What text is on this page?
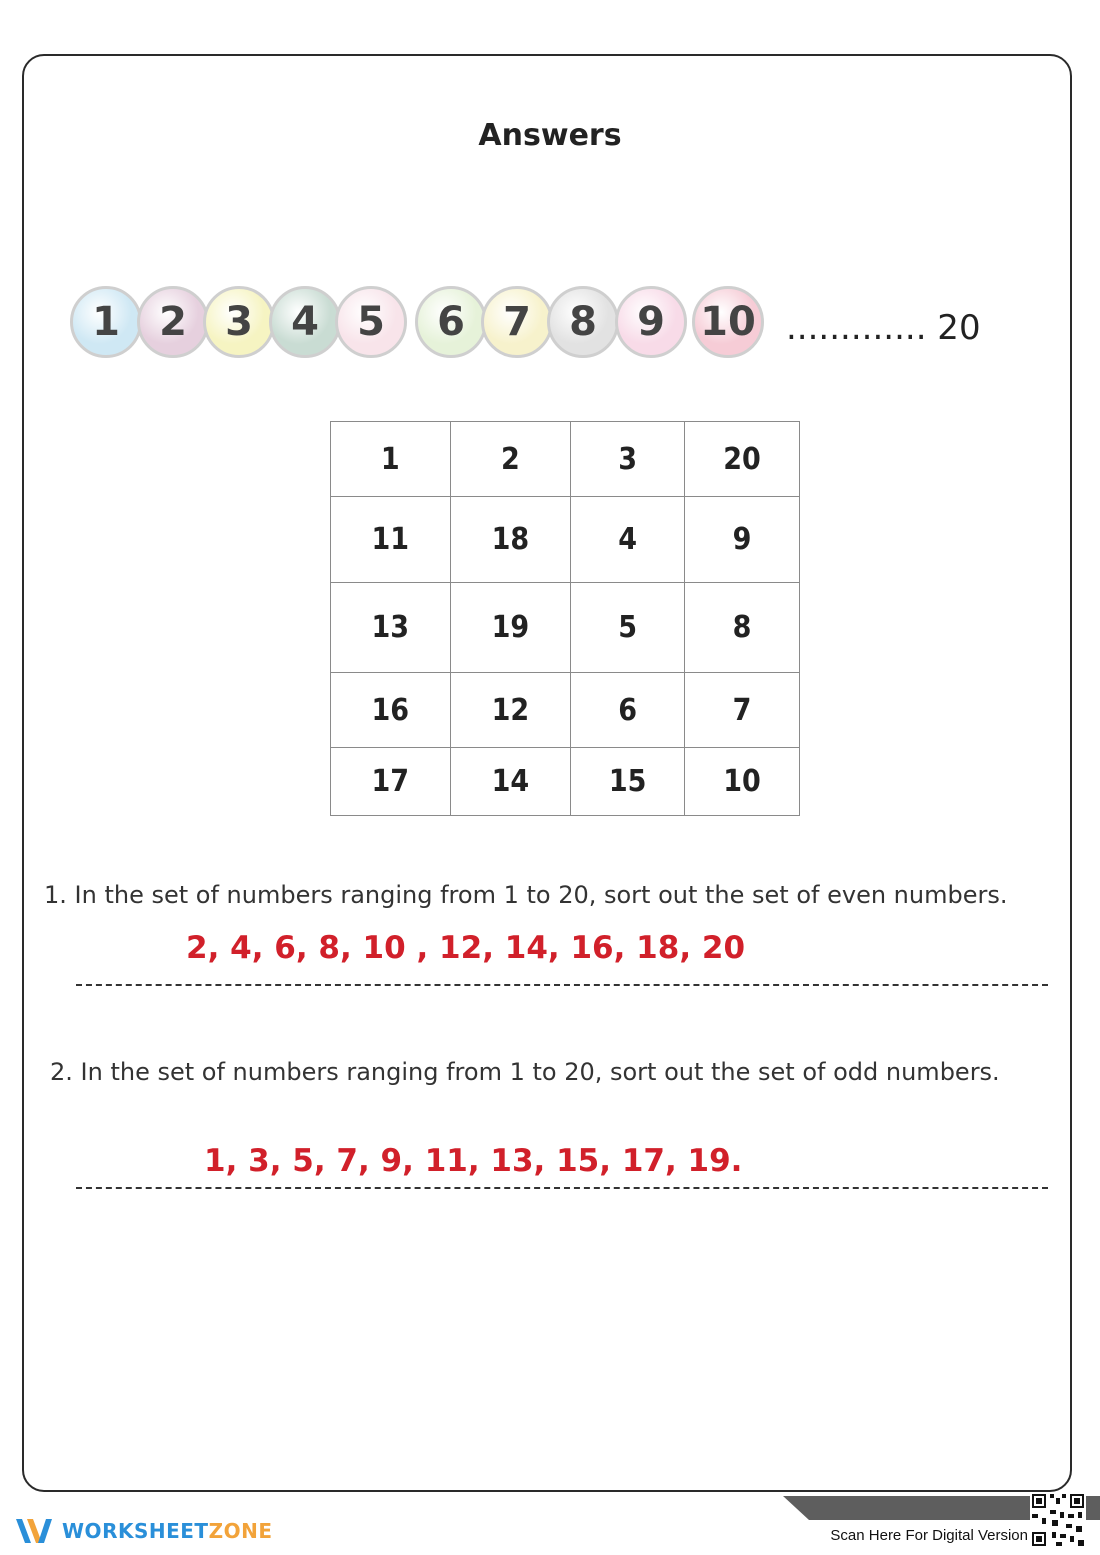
Answers
1 2 3 4 5	6 7 8	9 10 ............. 20
1	2	3	20
11	18	4	9
13	19	5	8
16	12	6	7
17	14	15	10
1. In the set of numbers ranging from 1 to 20, sort out the set of even numbers.
2, 4, 6, 8, 10 , 12, 14, 16, 18, 20
2. In the set of numbers ranging from 1 to 20, sort out the set of odd numbers.
1, 3, 5, 7, 9, 11, 13, 15, 17, 19.
WORKSHEETZONE	Scan Here For Digital Version
